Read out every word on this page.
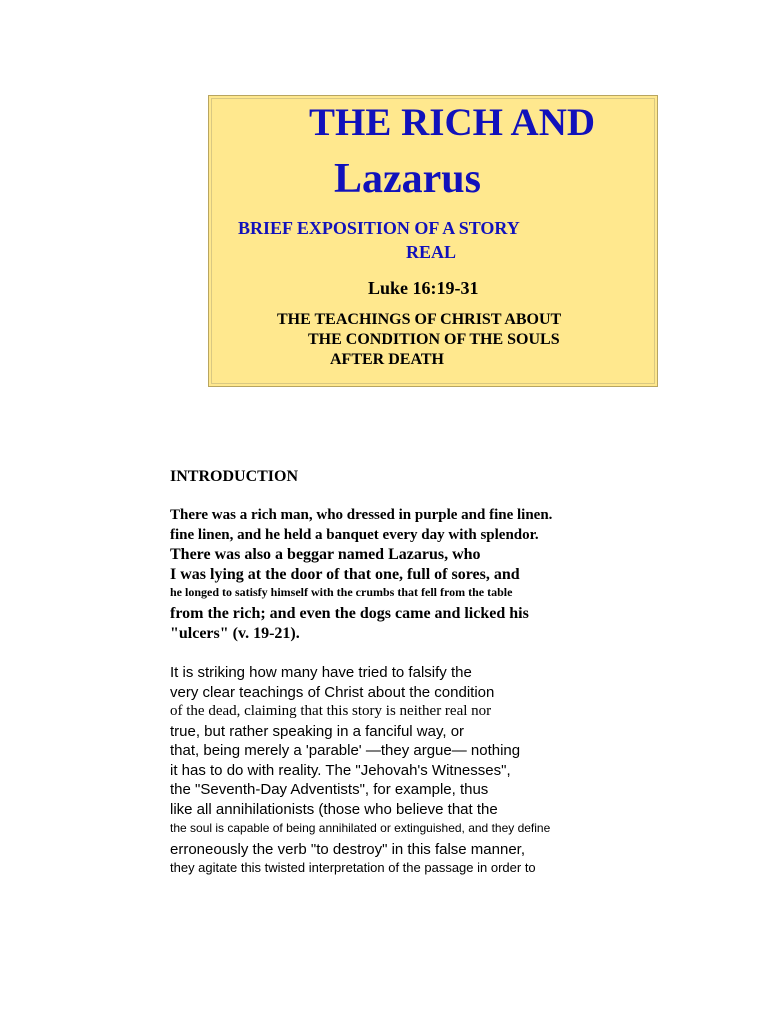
THE RICH AND

Lazarus

BRIEF EXPOSITION OF A STORY

REAL

Luke 16:19-31

THE TEACHINGS OF CHRIST ABOUT

THE CONDITION OF THE SOULS

AFTER DEATH

INTRODUCTION

There was a rich man, who dressed in purple and fine linen.

fine linen, and he held a banquet every day with splendor.

There was also a beggar named Lazarus, who

I was lying at the door of that one, full of sores, and

he longed to satisfy himself with the crumbs that fell from the table

from the rich; and even the dogs came and licked his

"ulcers" (v. 19-21).

It is striking how many have tried to falsify the

very clear teachings of Christ about the condition

of the dead, claiming that this story is neither real nor

true, but rather speaking in a fanciful way, or

that, being merely a 'parable' —they argue— nothing

it has to do with reality. The "Jehovah's Witnesses",

the "Seventh-Day Adventists", for example, thus

like all annihilationists (those who believe that the

the soul is capable of being annihilated or extinguished, and they define

erroneously the verb "to destroy" in this false manner,

they agitate this twisted interpretation of the passage in order to
